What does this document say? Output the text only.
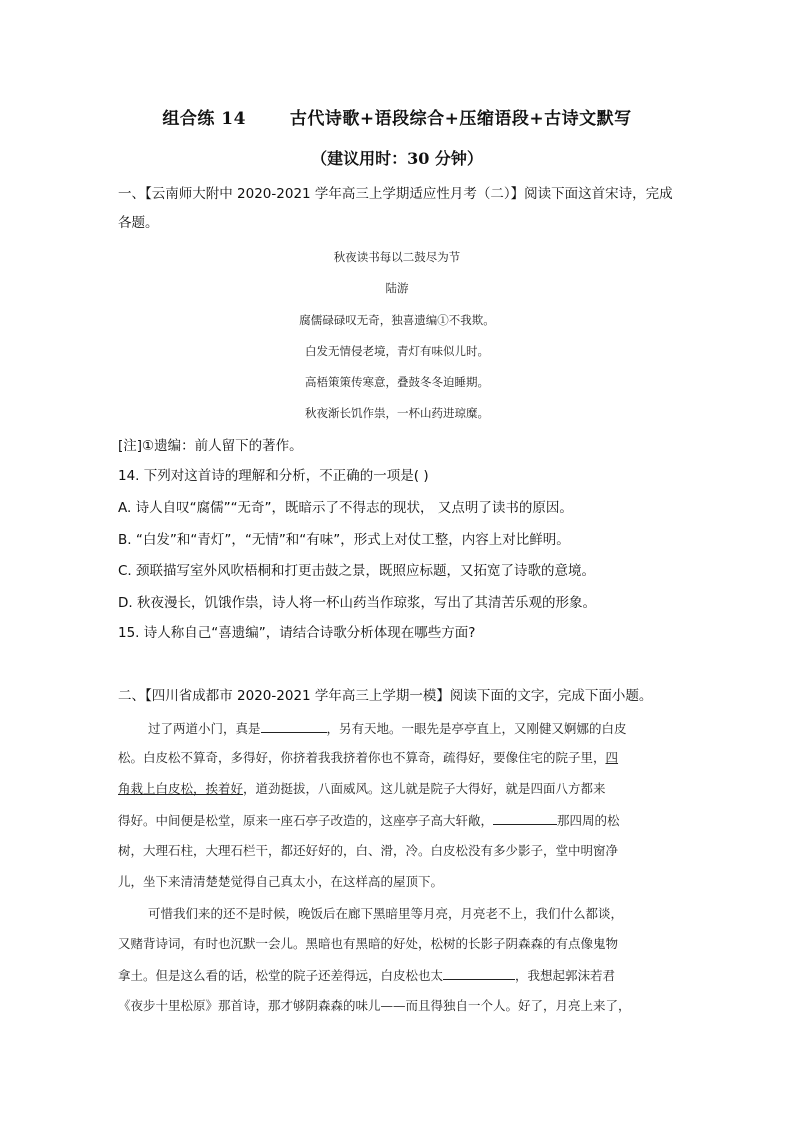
组合练 14	古代诗歌+语段综合+压缩语段+古诗文默写
（建议用时：30 分钟）
一、【云南师大附中 2020-2021 学年高三上学期适应性月考（二）】阅读下面这首宋诗，完成
各题。
秋夜读书每以二鼓尽为节
陆游
腐儒碌碌叹无奇，独喜遗编①不我欺。
白发无情侵老境，青灯有味似儿时。
高梧策策传寒意，叠鼓冬冬迫睡期。
秋夜渐长饥作祟，一杯山药进琼糜。
[注]①遗编：前人留下的著作。
14. 下列对这首诗的理解和分析，不正确的一项是( )
A. 诗人自叹“腐儒”“无奇”，既暗示了不得志的现状， 又点明了读书的原因。
B. “白发”和“青灯”，“无情”和“有味”，形式上对仗工整，内容上对比鲜明。
C. 颈联描写室外风吹梧桐和打更击鼓之景，既照应标题，又拓宽了诗歌的意境。
D. 秋夜漫长，饥饿作祟，诗人将一杯山药当作琼浆，写出了其清苦乐观的形象。
15. 诗人称自己“喜遗编”，请结合诗歌分析体现在哪些方面?
二、【四川省成都市 2020-2021 学年高三上学期一模】阅读下面的文字，完成下面小题。
过了两道小门，真是	，另有天地。一眼先是亭亭直上，又刚健又婀娜的白皮
松。白皮松不算奇，多得好，你挤着我我挤着你也不算奇，疏得好，要像住宅的院子里，四
角栽上白皮松，挨着好，道劲挺拔，八面威风。这儿就是院子大得好，就是四面八方都来
得好。中间便是松堂，原来一座石亭子改造的，这座亭子高大轩敞，	那四周的松
树，大理石柱，大理石栏干，都还好好的，白、滑，冷。白皮松没有多少影子，堂中明窗净
儿，坐下来清清楚楚觉得自己真太小，在这样高的屋顶下。
可惜我们来的还不是时候，晚饭后在廊下黑暗里等月亮，月亮老不上，我们什么都谈，
又赌背诗词，有时也沉默一会儿。黑暗也有黑暗的好处，松树的长影子阴森森的有点像鬼物
拿土。但是这么看的话，松堂的院子还差得远，白皮松也太	，我想起郭沫若君
《夜步十里松原》那首诗，那才够阴森森的味儿——而且得独自一个人。好了，月亮上来了，
